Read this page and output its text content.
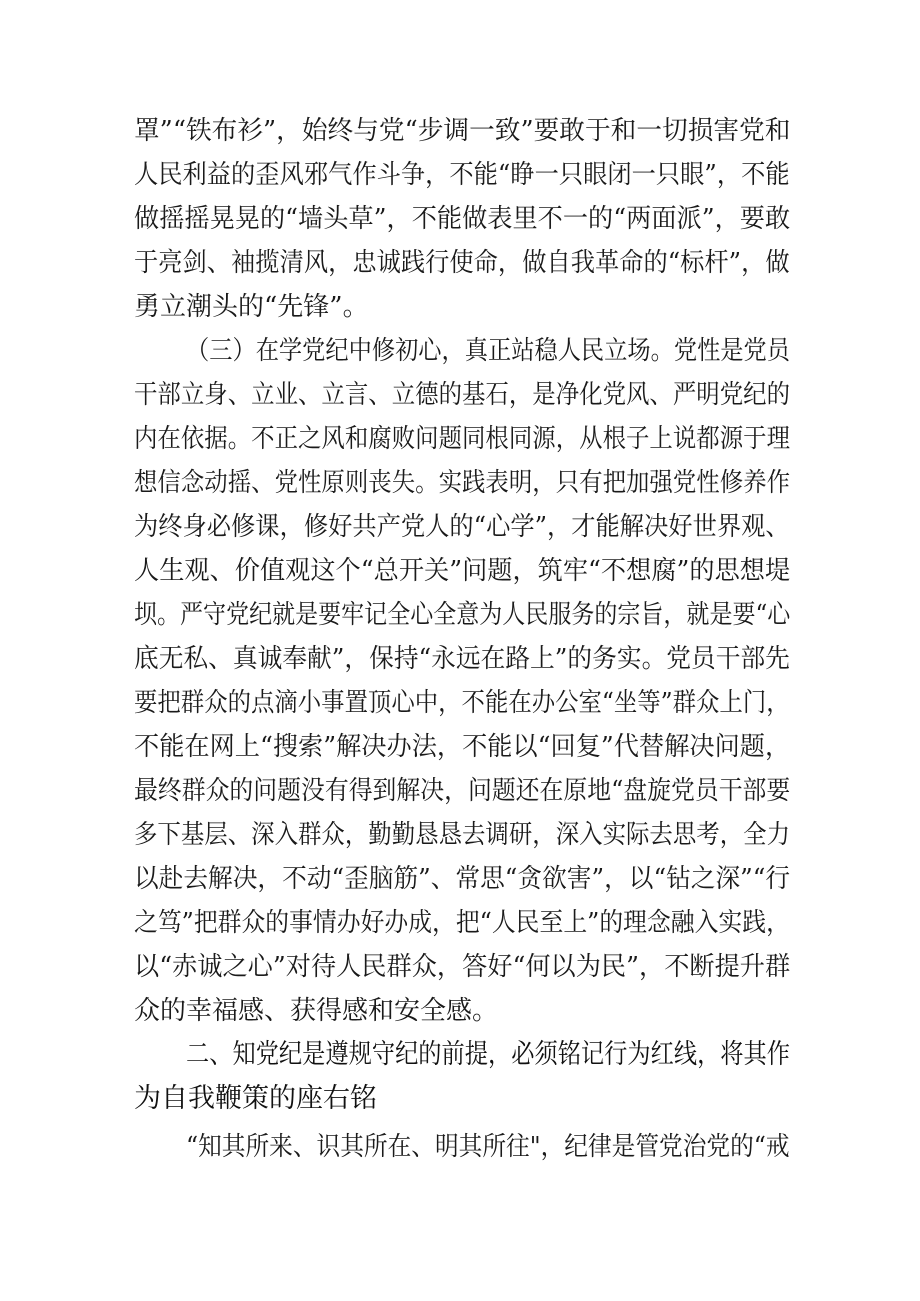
罩”“铁布衫”，始终与党“步调一致”要敢于和一切损害党和
人民利益的歪风邪气作斗争，不能“睁一只眼闭一只眼”，不能
做摇摇晃晃的“墙头草”，不能做表里不一的“两面派”，要敢
于亮剑、袖揽清风，忠诚践行使命，做自我革命的“标杆”，做
勇立潮头的“先锋”。
（三）在学党纪中修初心，真正站稳人民立场。党性是党员
干部立身、立业、立言、立德的基石，是净化党风、严明党纪的
内在依据。不正之风和腐败问题同根同源，从根子上说都源于理
想信念动摇、党性原则丧失。实践表明，只有把加强党性修养作
为终身必修课，修好共产党人的“心学”，才能解决好世界观、
人生观、价值观这个“总开关”问题，筑牢“不想腐”的思想堤
坝。严守党纪就是要牢记全心全意为人民服务的宗旨，就是要“心
底无私、真诚奉献”，保持“永远在路上”的务实。党员干部先
要把群众的点滴小事置顶心中，不能在办公室“坐等”群众上门，
不能在网上“搜索”解决办法，不能以“回复”代替解决问题，
最终群众的问题没有得到解决，问题还在原地“盘旋党员干部要
多下基层、深入群众，勤勤恳恳去调研，深入实际去思考，全力
以赴去解决，不动“歪脑筋”、常思“贪欲害”，以“钻之深”“行
之笃”把群众的事情办好办成，把“人民至上”的理念融入实践，
以“赤诚之心”对待人民群众，答好“何以为民”，不断提升群
众的幸福感、获得感和安全感。
二、知党纪是遵规守纪的前提，必须铭记行为红线，将其作
为自我鞭策的座右铭
“知其所来、识其所在、明其所往"，纪律是管党治党的“戒
